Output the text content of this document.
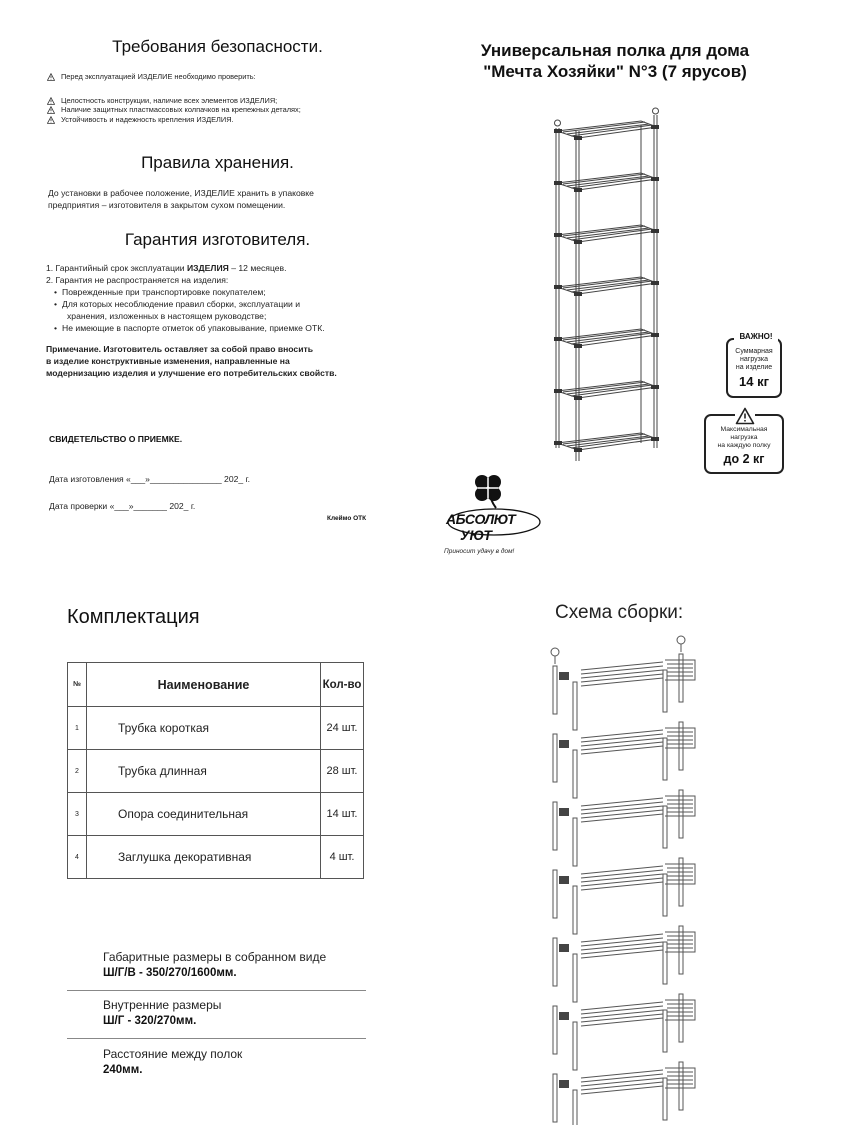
Требования безопасности.
Перед эксплуатацией ИЗДЕЛИЕ необходимо проверить:
Целостность конструкции, наличие всех элементов ИЗДЕЛИЯ;
Наличие защитных пластмассовых колпачков на крепежных деталях;
Устойчивость и надежность крепления ИЗДЕЛИЯ.
Правила хранения.
До установки в рабочее положение, ИЗДЕЛИЕ хранить в упаковке
предприятия – изготовителя в закрытом сухом помещении.
Гарантия изготовителя.
1. Гарантийный срок эксплуатации ИЗДЕЛИЯ – 12 месяцев.
2. Гарантия не распространяется на изделия:
• Поврежденные при транспортировке покупателем;
• Для которых несоблюдение правил сборки, эксплуатации и
хранения, изложенных в настоящем руководстве;
• Не имеющие в паспорте отметок об упаковывание, приемке ОТК.
Примечание. Изготовитель оставляет за собой право вносить
в изделие конструктивные изменения, направленные на
модернизацию изделия и улучшение его потребительских свойств.
СВИДЕТЕЛЬСТВО О ПРИЕМКЕ.
Дата изготовления «___»_______________ 202_ г.
Дата проверки «___»_______ 202_ г.
Клеймо ОТК
Универсальная полка для дома
"Мечта Хозяйки" N°3 (7 ярусов)
ВАЖНО!
Суммарная
нагрузка
на изделие
14 кг
Максимальная
нагрузка
на каждую полку
до 2 кг
АБСОЛЮТ
УЮТ
Приносит удачу в дом!
Комплектация
№	Наименование	Кол-во
1	Трубка короткая	24 шт.
2	Трубка длинная	28 шт.
3	Опора соединительная	14 шт.
4	Заглушка декоративная	4 шт.
Габаритные размеры в собранном виде
Ш/Г/В - 350/270/1600мм.
Внутренние размеры
Ш/Г - 320/270мм.
Расстояние между полок
240мм.
Схема сборки:
